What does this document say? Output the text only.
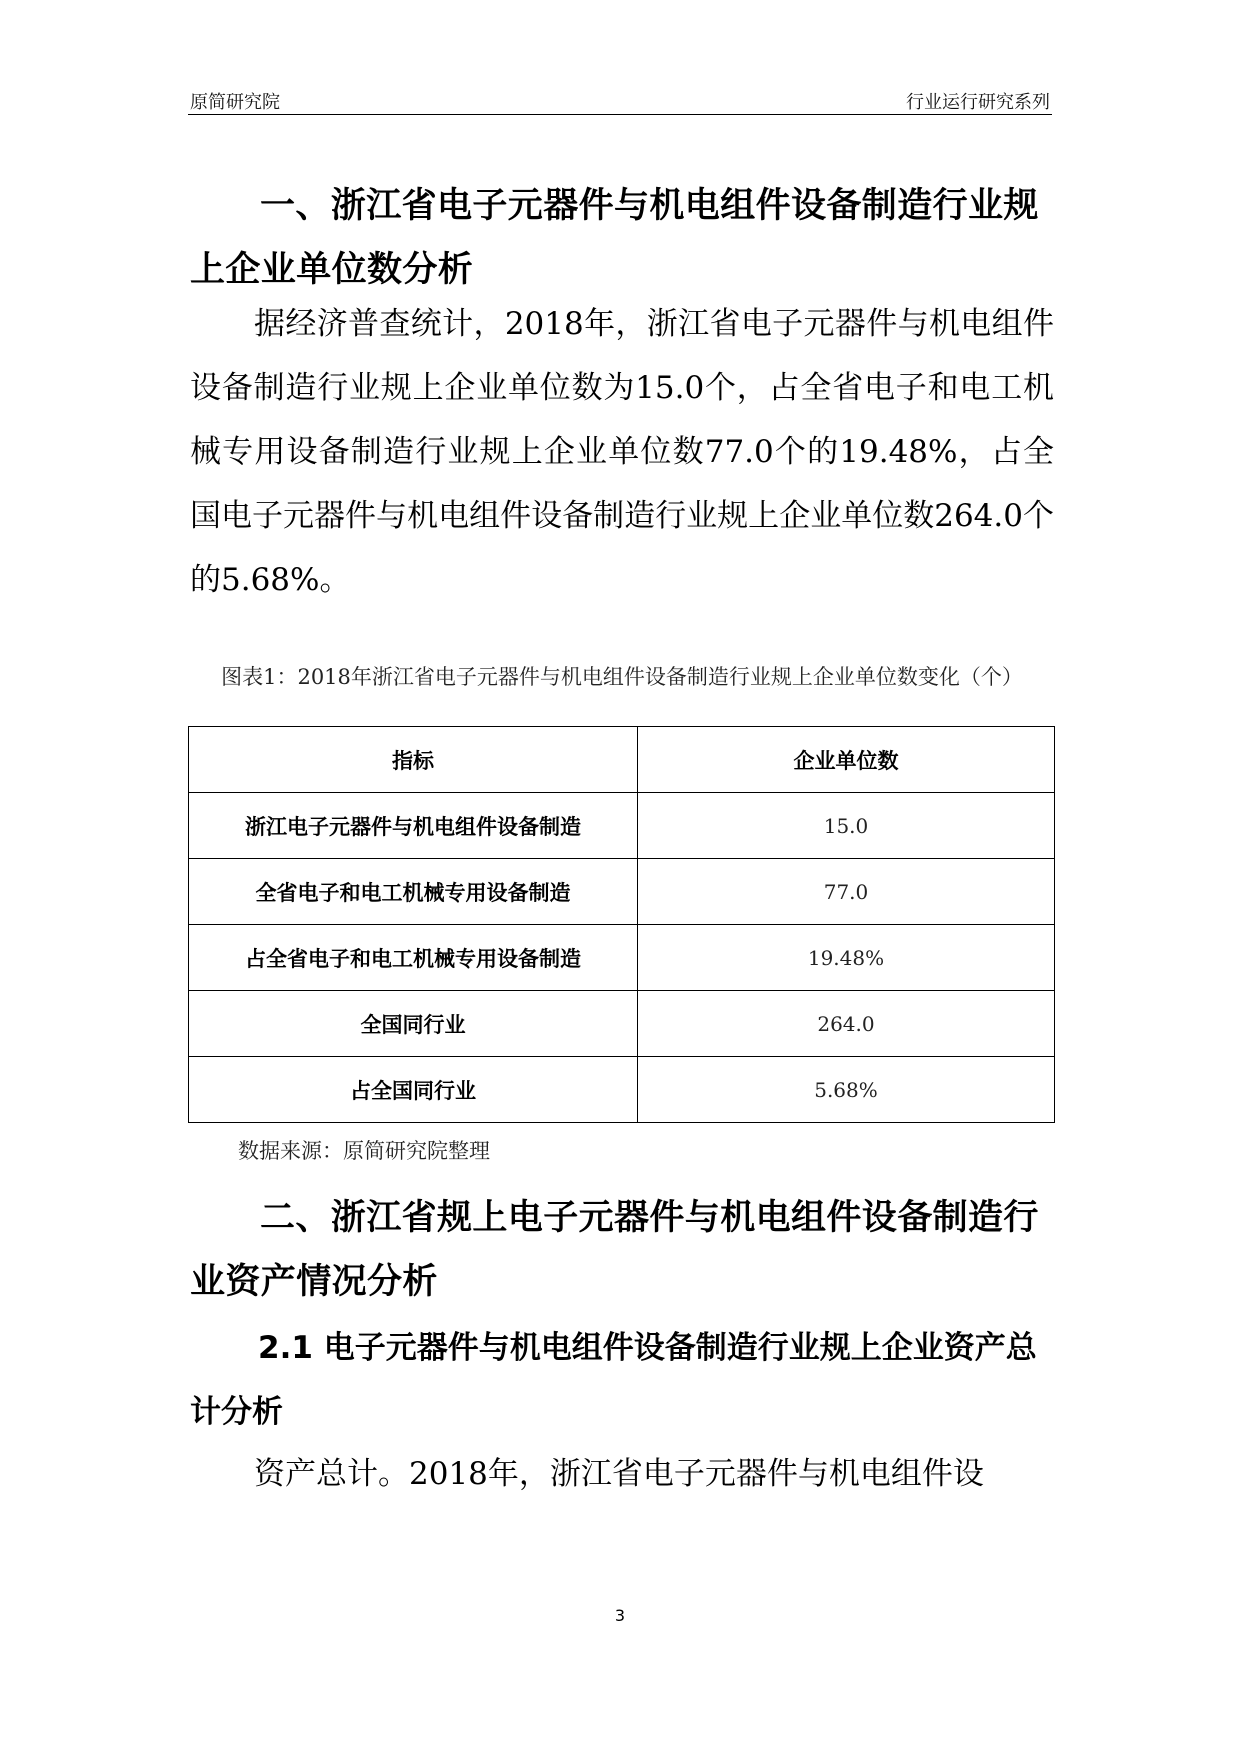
原简研究院	行业运行研究系列
一、浙江省电子元器件与机电组件设备制造行业规上企业单位数分析

据经济普查统计，2018年，浙江省电子元器件与机电组件设备制造行业规上企业单位数为15.0个，占全省电子和电工机械专用设备制造行业规上企业单位数77.0个的19.48%，占全国电子元器件与机电组件设备制造行业规上企业单位数264.0个的5.68%。

图表1：2018年浙江省电子元器件与机电组件设备制造行业规上企业单位数变化（个）
指标	企业单位数
浙江电子元器件与机电组件设备制造	15.0
全省电子和电工机械专用设备制造	77.0
占全省电子和电工机械专用设备制造	19.48%
全国同行业	264.0
占全国同行业	5.68%
数据来源：原简研究院整理
二、浙江省规上电子元器件与机电组件设备制造行业资产情况分析
2.1 电子元器件与机电组件设备制造行业规上企业资产总计分析

资产总计。2018年，浙江省电子元器件与机电组件设

3
